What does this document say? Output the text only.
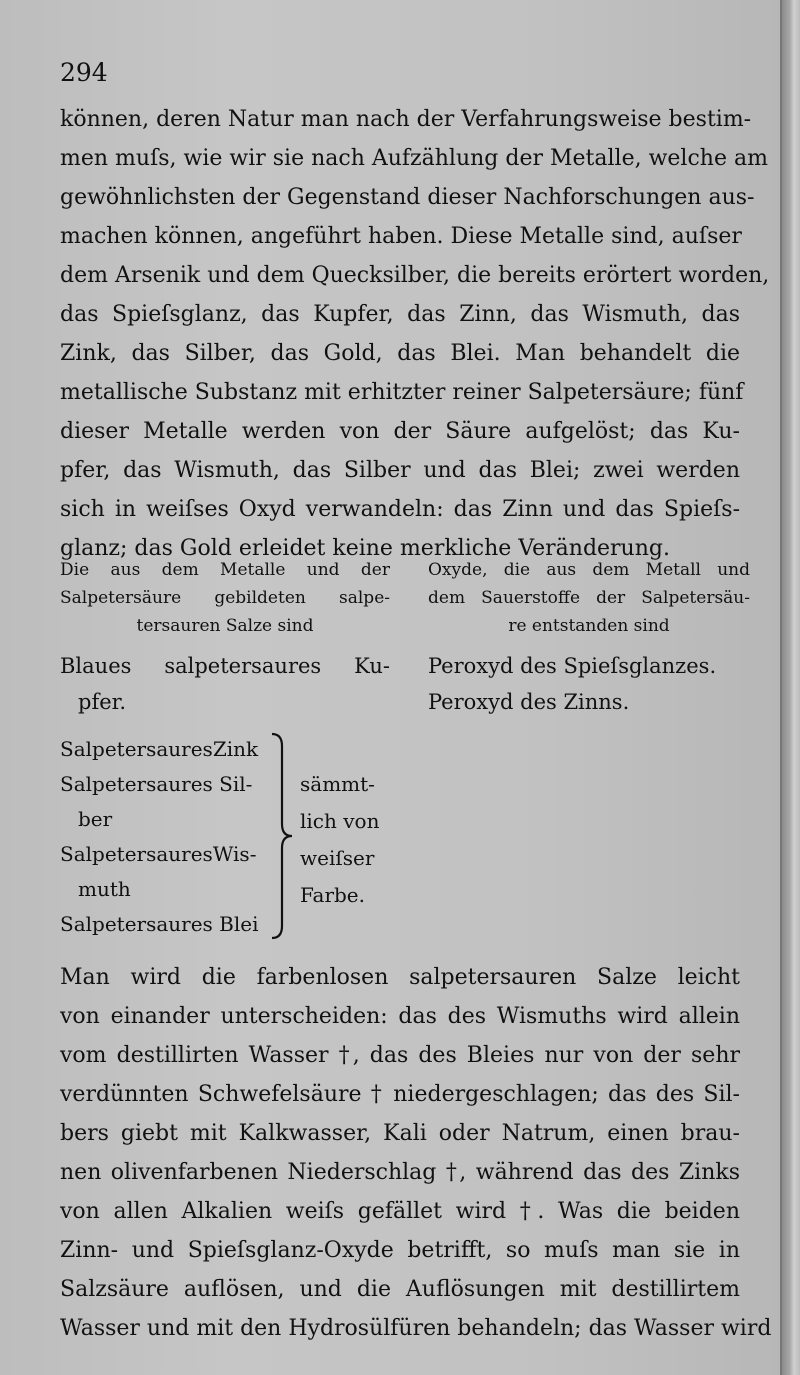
294
können, deren Natur man nach der Verfahrungsweise bestim-
men muſs, wie wir sie nach Aufzählung der Metalle, welche am
gewöhnlichsten der Gegenstand dieser Nachforschungen aus-
machen können, angeführt haben. Diese Metalle sind, auſser
dem Arsenik und dem Quecksilber, die bereits erörtert worden,
das Spieſsglanz, das Kupfer, das Zinn, das Wismuth, das
Zink, das Silber, das Gold, das Blei. Man behandelt die
metallische Substanz mit erhitzter reiner Salpetersäure; fünf
dieser Metalle werden von der Säure aufgelöst; das Ku-
pfer, das Wismuth, das Silber und das Blei; zwei werden
sich in weiſses Oxyd verwandeln: das Zinn und das Spieſs-
glanz; das Gold erleidet keine merkliche Veränderung.
Die aus dem Metalle und der
Salpetersäure gebildeten salpe-
tersauren Salze sind
Blaues salpetersaures Ku-
pfer.
SalpetersauresZink
Salpetersaures Sil-
ber
SalpetersauresWis-
muth
Salpetersaures Blei
sämmt-
lich von
weiſser
Farbe.
Oxyde, die aus dem Metall und
dem Sauerstoffe der Salpetersäu-
re entstanden sind
Peroxyd des Spieſsglanzes.
Peroxyd des Zinns.
Man wird die farbenlosen salpetersauren Salze leicht
von einander unterscheiden: das des Wismuths wird allein
vom destillirten Wasser †, das des Bleies nur von der sehr
verdünnten Schwefelsäure † niedergeschlagen; das des Sil-
bers giebt mit Kalkwasser, Kali oder Natrum, einen brau-
nen olivenfarbenen Niederschlag †, während das des Zinks
von allen Alkalien weiſs gefället wird †. Was die beiden
Zinn- und Spieſsglanz-Oxyde betrifft, so muſs man sie in
Salzsäure auflösen, und die Auflösungen mit destillirtem
Wasser und mit den Hydrosülfüren behandeln; das Wasser wird
